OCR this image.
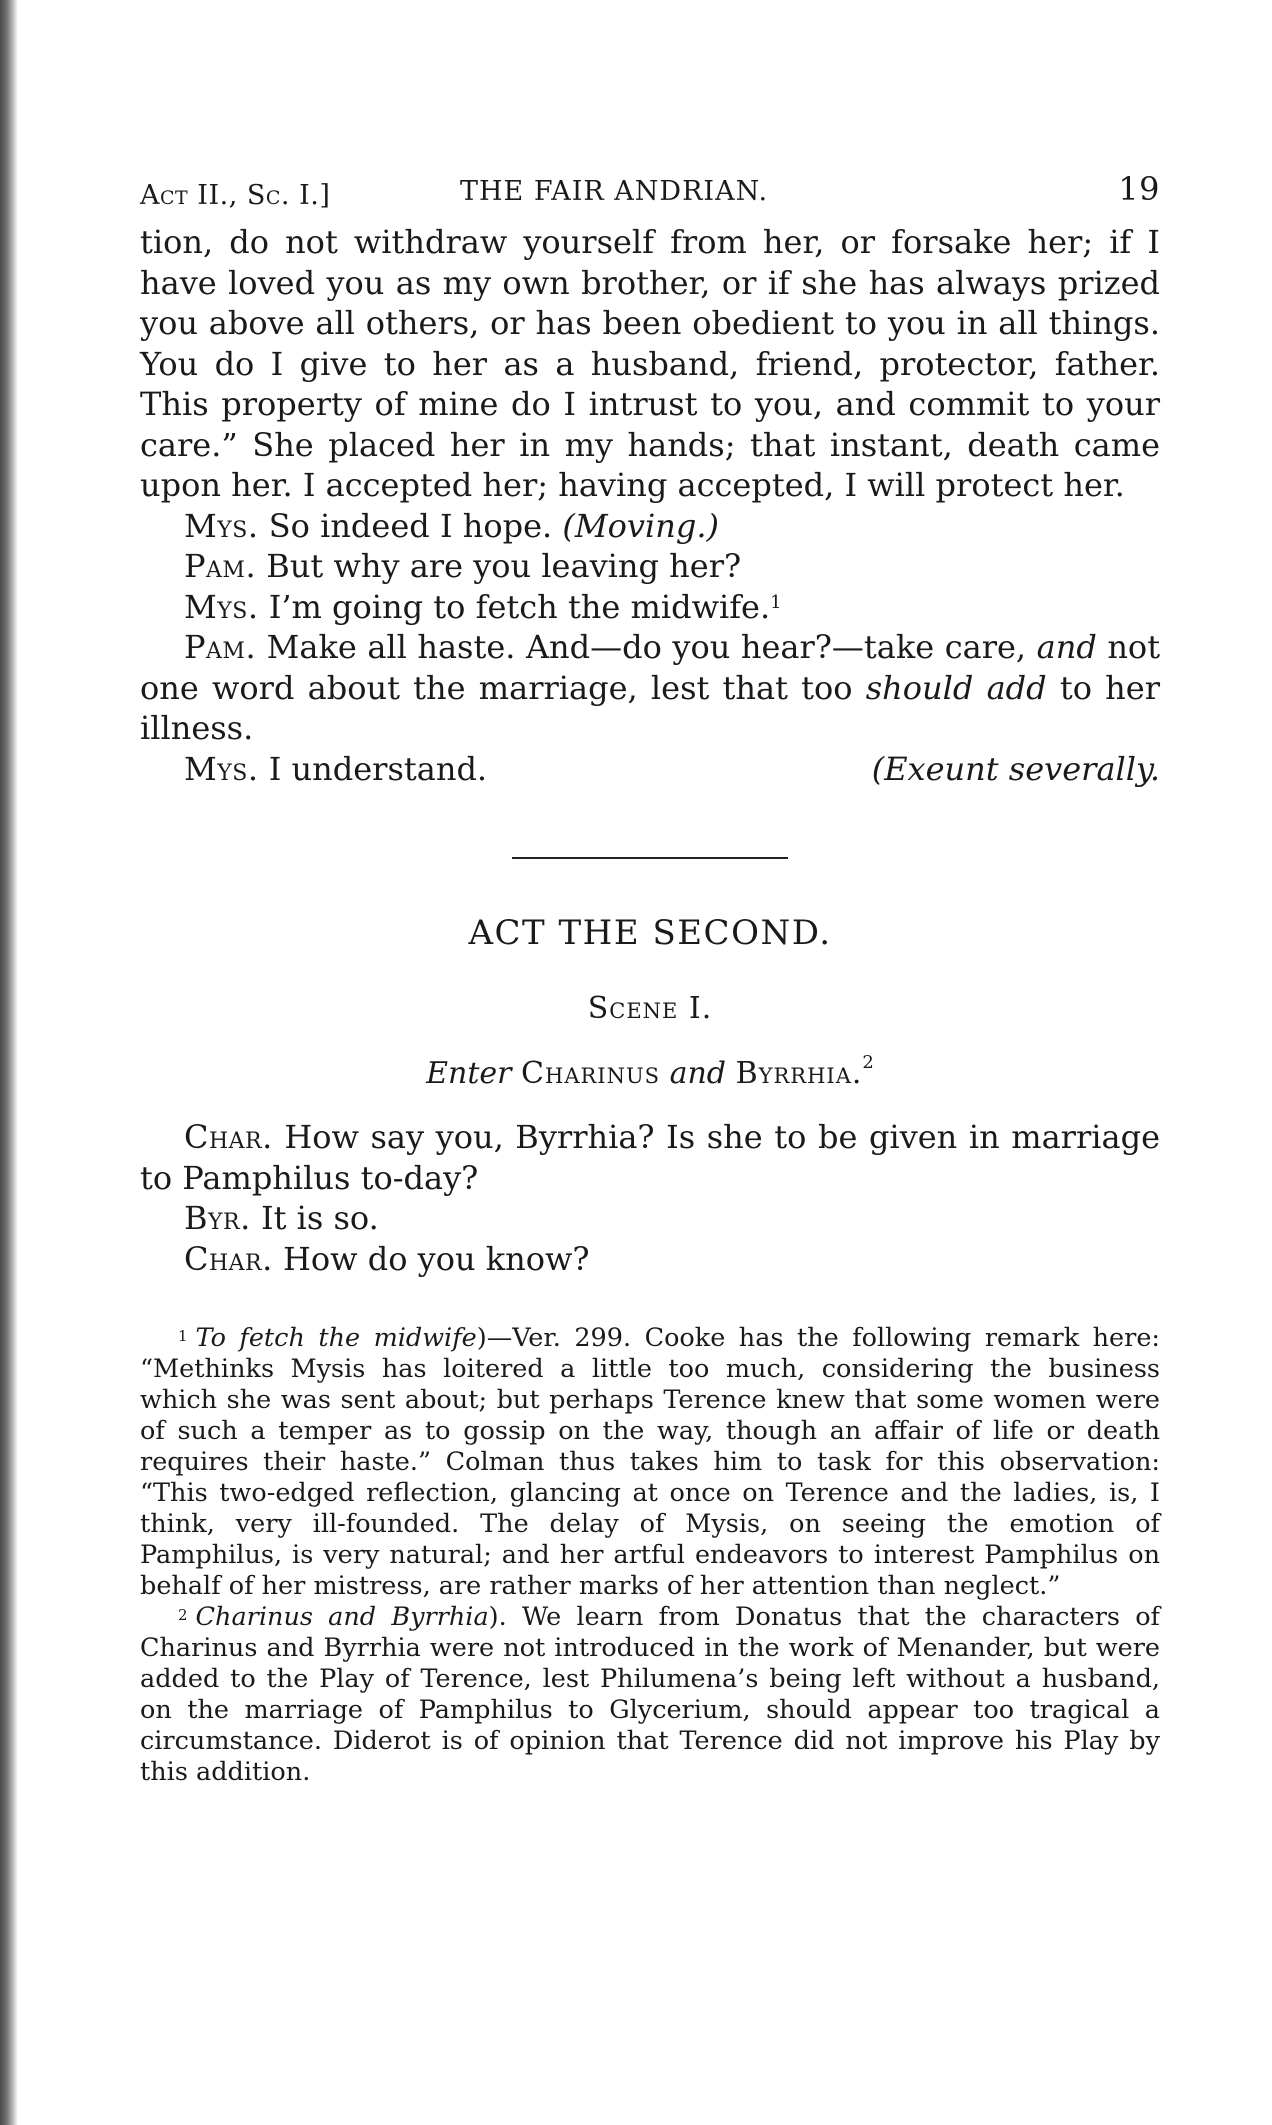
Act II., Sc. I.]	THE FAIR ANDRIAN.	19

tion, do not withdraw yourself from her, or forsake her; if I have loved you as my own brother, or if she has always prized you above all others, or has been obedient to you in all things. You do I give to her as a husband, friend, protector, father. This property of mine do I intrust to you, and commit to your care.” She placed her in my hands; that instant, death came upon her. I accepted her; having accepted, I will protect her.

Mys. So indeed I hope. (Moving.)

Pam. But why are you leaving her?

Mys. I’m going to fetch the midwife.$^1$

Pam. Make all haste. And—do you hear?—take care, and not one word about the marriage, lest that too should add to her illness.

Mys. I understand.	(Exeunt severally.

ACT THE SECOND.
Scene I.
Enter Charinus and Byrrhia.$^2$

Char. How say you, Byrrhia? Is she to be given in marriage to Pamphilus to-day?

Byr. It is so.

Char. How do you know?

$^1$ To fetch the midwife)—Ver. 299. Cooke has the following remark here: “Methinks Mysis has loitered a little too much, considering the business which she was sent about; but perhaps Terence knew that some women were of such a temper as to gossip on the way, though an affair of life or death requires their haste.” Colman thus takes him to task for this observation: “This two-edged reflection, glancing at once on Terence and the ladies, is, I think, very ill-founded. The delay of Mysis, on seeing the emotion of Pamphilus, is very natural; and her artful endeavors to interest Pamphilus on behalf of her mistress, are rather marks of her attention than neglect.”

$^2$ Charinus and Byrrhia). We learn from Donatus that the characters of Charinus and Byrrhia were not introduced in the work of Menander, but were added to the Play of Terence, lest Philumena’s being left without a husband, on the marriage of Pamphilus to Glycerium, should appear too tragical a circumstance. Diderot is of opinion that Terence did not improve his Play by this addition.
